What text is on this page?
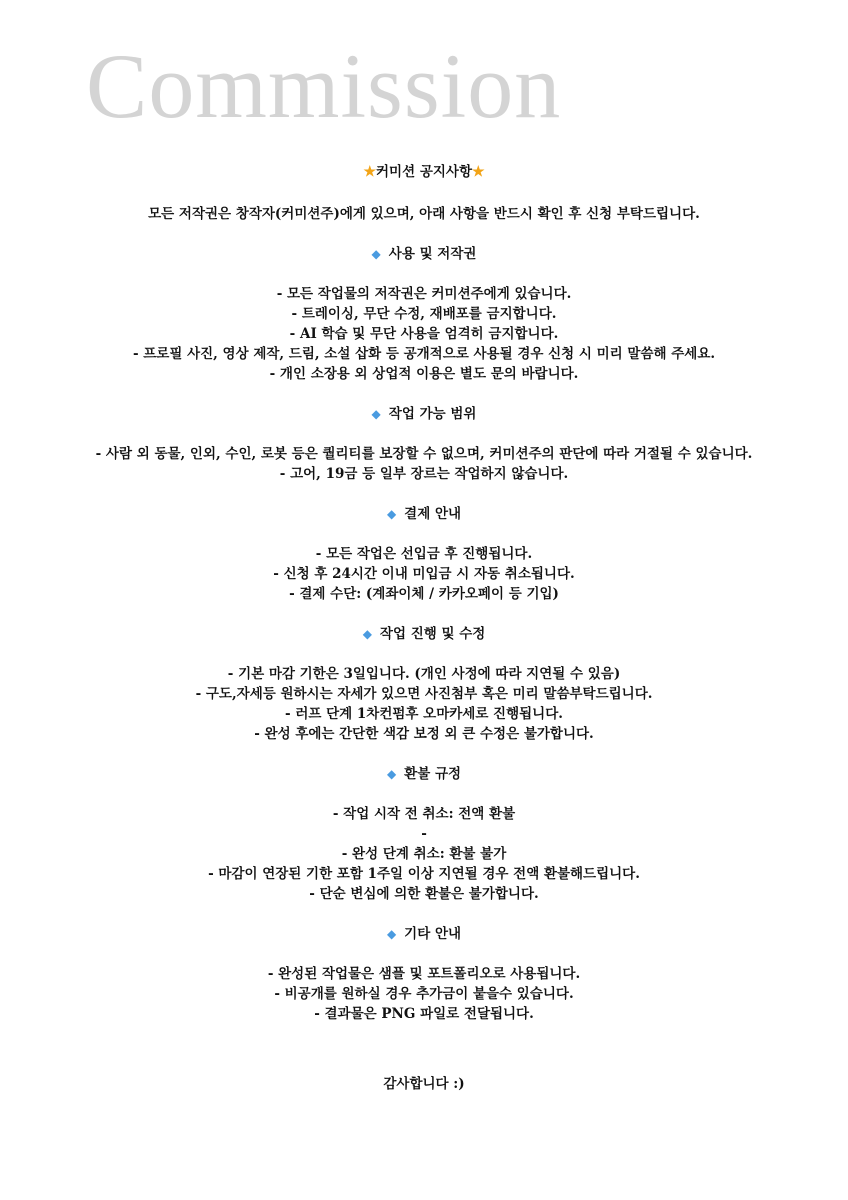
Commission

★커미션 공지사항★

모든 저작권은 창작자(커미션주)에게 있으며, 아래 사항을 반드시 확인 후 신청 부탁드립니다.

◆ 사용 및 저작권

- 모든 작업물의 저작권은 커미션주에게 있습니다.
- 트레이싱, 무단 수정, 재배포를 금지합니다.
- AI 학습 및 무단 사용을 엄격히 금지합니다.
- 프로필 사진, 영상 제작, 드림, 소설 삽화 등 공개적으로 사용될 경우 신청 시 미리 말씀해 주세요.
- 개인 소장용 외 상업적 이용은 별도 문의 바랍니다.

◆ 작업 가능 범위

- 사람 외 동물, 인외, 수인, 로봇 등은 퀄리티를 보장할 수 없으며, 커미션주의 판단에 따라 거절될 수 있습니다.
- 고어, 19금 등 일부 장르는 작업하지 않습니다.

◆ 결제 안내

- 모든 작업은 선입금 후 진행됩니다.
- 신청 후 24시간 이내 미입금 시 자동 취소됩니다.
- 결제 수단: (계좌이체 / 카카오페이 등 기입)

◆ 작업 진행 및 수정

- 기본 마감 기한은 3일입니다. (개인 사정에 따라 지연될 수 있음)
- 구도,자세등 원하시는 자세가 있으면 사진첨부 혹은 미리 말씀부탁드립니다.
- 러프 단계 1차컨펌후 오마카세로 진행됩니다.
- 완성 후에는 간단한 색감 보정 외 큰 수정은 불가합니다.

◆ 환불 규정

- 작업 시작 전 취소: 전액 환불
-
- 완성 단계 취소: 환불 불가
- 마감이 연장된 기한 포함 1주일 이상 지연될 경우 전액 환불해드립니다.
- 단순 변심에 의한 환불은 불가합니다.

◆ 기타 안내

- 완성된 작업물은 샘플 및 포트폴리오로 사용됩니다.
- 비공개를 원하실 경우 추가금이 붙을수 있습니다.
- 결과물은 PNG 파일로 전달됩니다.

감사합니다 :)
